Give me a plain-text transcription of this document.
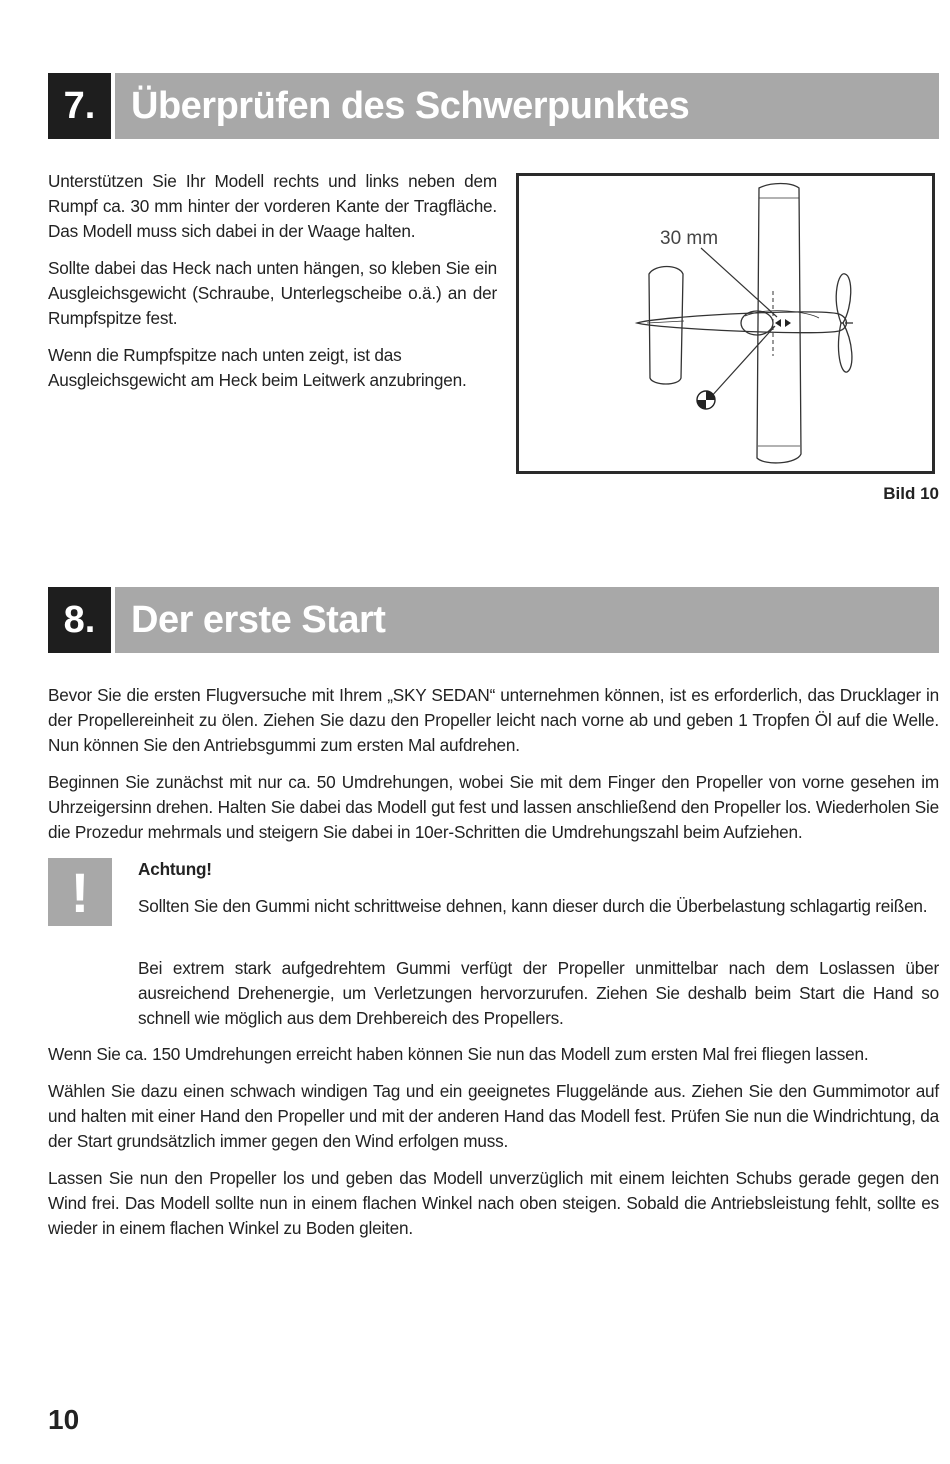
7. Überprüfen des Schwerpunktes

Unterstützen Sie Ihr Modell rechts und links neben dem Rumpf ca. 30 mm hinter der vorderen Kante der Tragfläche. Das Modell muss sich dabei in der Waage halten.

Sollte dabei das Heck nach unten hängen, so kleben Sie ein Ausgleichsgewicht (Schraube, Unterlegscheibe o.ä.) an der Rumpfspitze fest.

Wenn die Rumpfspitze nach unten zeigt, ist das Ausgleichsgewicht am Heck beim Leitwerk anzubringen.

30 mm
Bild 10
8. Der erste Start

Bevor Sie die ersten Flugversuche mit Ihrem „SKY SEDAN“ unternehmen können, ist es erforderlich, das Drucklager in der Propellereinheit zu ölen. Ziehen Sie dazu den Propeller leicht nach vorne ab und geben 1 Tropfen Öl auf die Welle. Nun können Sie den Antriebsgummi zum ersten Mal aufdrehen.

Beginnen Sie zunächst mit nur ca. 50 Umdrehungen, wobei Sie mit dem Finger den Propeller von vorne gesehen im Uhrzeigersinn drehen. Halten Sie dabei das Modell gut fest und lassen anschließend den Propeller los. Wiederholen Sie die Prozedur mehrmals und steigern Sie dabei in 10er-Schritten die Umdrehungszahl beim Aufziehen.

!	Achtung!

Sollten Sie den Gummi nicht schrittweise dehnen, kann dieser durch die Überbelastung schlagartig reißen.

Bei extrem stark aufgedrehtem Gummi verfügt der Propeller unmittelbar nach dem Loslassen über ausreichend Drehenergie, um Verletzungen hervorzurufen. Ziehen Sie deshalb beim Start die Hand so schnell wie möglich aus dem Drehbereich des Propellers.

Wenn Sie ca. 150 Umdrehungen erreicht haben können Sie nun das Modell zum ersten Mal frei fliegen lassen.

Wählen Sie dazu einen schwach windigen Tag und ein geeignetes Fluggelände aus. Ziehen Sie den Gummimotor auf und halten mit einer Hand den Propeller und mit der anderen Hand das Modell fest. Prüfen Sie nun die Windrichtung, da der Start grundsätzlich immer gegen den Wind erfolgen muss.

Lassen Sie nun den Propeller los und geben das Modell unverzüglich mit einem leichten Schubs gerade gegen den Wind frei. Das Modell sollte nun in einem flachen Winkel nach oben steigen. Sobald die Antriebsleistung fehlt, sollte es wieder in einem flachen Winkel zu Boden gleiten.

10
